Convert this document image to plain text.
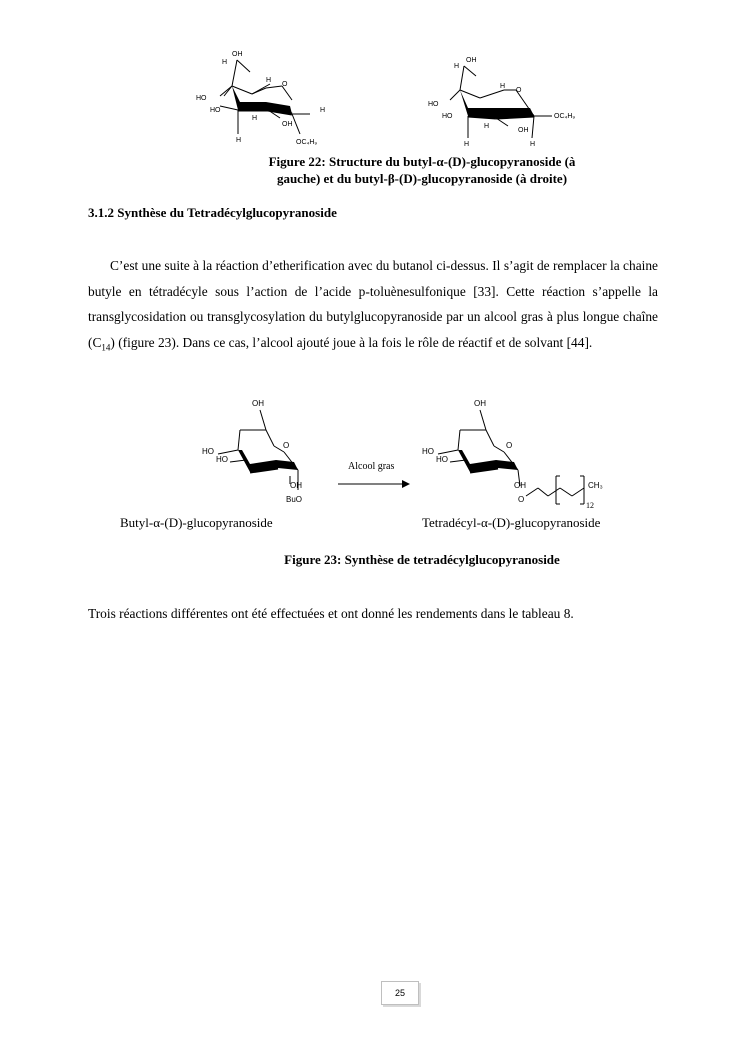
OH
H
H
O
HO
HO
H
H
OH
H
OC₄H₉
OH
H
H
O
HO
HO
H
OH
H	H
OC₄H₉
Figure 22: Structure du butyl-α-(D)-glucopyranoside (à
gauche) et du butyl-β-(D)-glucopyranoside (à droite)
3.1.2 Synthèse du Tetradécylglucopyranoside

C’est une suite à la réaction d’etherification avec du butanol ci-dessus. Il s’agit de remplacer la chaine butyle en tétradécyle sous l’action de l’acide p-toluènesulfonique [33]. Cette réaction s’appelle la transglycosidation ou transglycosylation du butylglucopyranoside par un alcool gras à plus longue chaîne $(C_{14})$ (figure 23). Dans ce cas, l’alcool ajouté joue à la fois le rôle de réactif et de solvant [44].

OH
O
HO
HO
OH
BuO
Alcool gras
OH
O
HO
HO
OH
O
CH₃
12
Butyl-α-(D)-glucopyranoside	Tetradécyl-α-(D)-glucopyranoside
Figure 23: Synthèse de tetradécylglucopyranoside
Trois réactions différentes ont été effectuées et ont donné les rendements dans le tableau 8.
25
